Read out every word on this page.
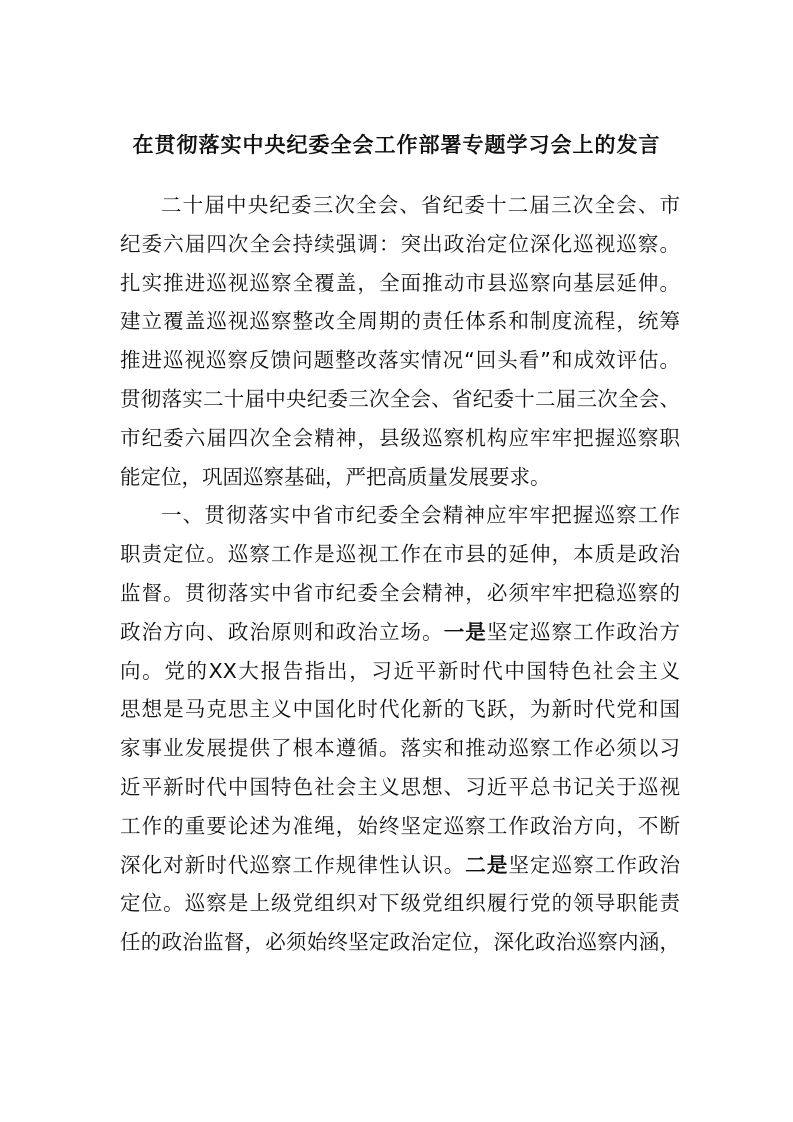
在贯彻落实中央纪委全会工作部署专题学习会上的发言
二十届中央纪委三次全会、省纪委十二届三次全会、市
纪委六届四次全会持续强调：突出政治定位深化巡视巡察。
扎实推进巡视巡察全覆盖，全面推动市县巡察向基层延伸。
建立覆盖巡视巡察整改全周期的责任体系和制度流程，统筹
推进巡视巡察反馈问题整改落实情况“回头看”和成效评估。
贯彻落实二十届中央纪委三次全会、省纪委十二届三次全会、
市纪委六届四次全会精神，县级巡察机构应牢牢把握巡察职
能定位，巩固巡察基础，严把高质量发展要求。
一、贯彻落实中省市纪委全会精神应牢牢把握巡察工作
职责定位。巡察工作是巡视工作在市县的延伸，本质是政治
监督。贯彻落实中省市纪委全会精神，必须牢牢把稳巡察的
政治方向、政治原则和政治立场。一是坚定巡察工作政治方
向。党的XX大报告指出，习近平新时代中国特色社会主义
思想是马克思主义中国化时代化新的飞跃，为新时代党和国
家事业发展提供了根本遵循。落实和推动巡察工作必须以习
近平新时代中国特色社会主义思想、习近平总书记关于巡视
工作的重要论述为准绳，始终坚定巡察工作政治方向，不断
深化对新时代巡察工作规律性认识。二是坚定巡察工作政治
定位。巡察是上级党组织对下级党组织履行党的领导职能责
任的政治监督，必须始终坚定政治定位，深化政治巡察内涵，
